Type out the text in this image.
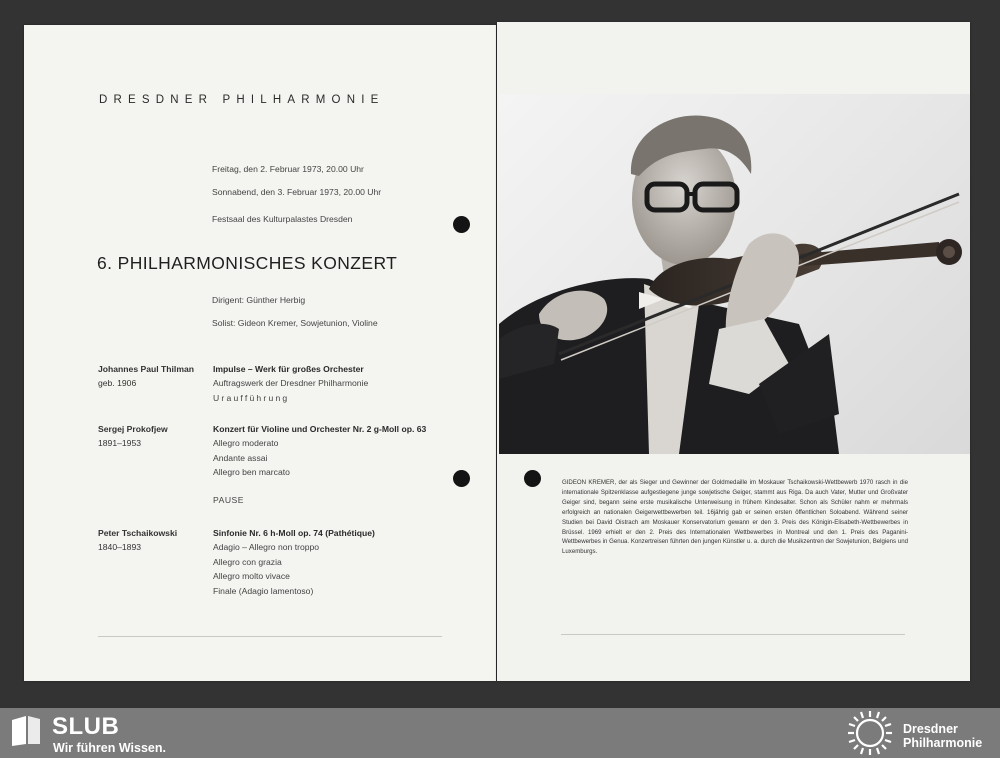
DRESDNER PHILHARMONIE
Freitag, den 2. Februar 1973, 20.00 Uhr
Sonnabend, den 3. Februar 1973, 20.00 Uhr
Festsaal des Kulturpalastes Dresden
6. PHILHARMONISCHES KONZERT
Dirigent: Günther Herbig
Solist: Gideon Kremer, Sowjetunion, Violine
Johannes Paul Thilman
geb. 1906
Impulse – Werk für großes Orchester
Auftragswerk der Dresdner Philharmonie
Uraufführung
Sergej Prokofjew
1891–1953
Konzert für Violine und Orchester Nr. 2 g-Moll op. 63
Allegro moderato
Andante assai
Allegro ben marcato
PAUSE
Peter Tschaikowski
1840–1893
Sinfonie Nr. 6 h-Moll op. 74 (Pathétique)
Adagio – Allegro non troppo
Allegro con grazia
Allegro molto vivace
Finale (Adagio lamentoso)
GIDEON KREMER, der als Sieger und Gewinner der Goldmedaille im Moskauer Tschaikowski-Wettbewerb 1970 rasch in die internationale Spitzenklasse aufgestiegene junge sowjetische Geiger, stammt aus Riga. Da auch Vater, Mutter und Großvater Geiger sind, begann seine erste musikalische Unterweisung in frühem Kindesalter. Schon als Schüler nahm er mehrmals erfolgreich an nationalen Geigerwettbewerben teil. 16jährig gab er seinen ersten öffentlichen Soloabend. Während seiner Studien bei David Oistrach am Moskauer Konservatorium gewann er den 3. Preis des Königin-Elisabeth-Wettbewerbes in Brüssel. 1969 erhielt er den 2. Preis des Internationalen Wettbewerbes in Montreal und den 1. Preis des Paganini-Wettbewerbes in Genua. Konzertreisen führten den jungen Künstler u. a. durch die Musikzentren der Sowjetunion, Belgiens und Luxemburgs.
SLUB
Wir führen Wissen.
Dresdner
Philharmonie
